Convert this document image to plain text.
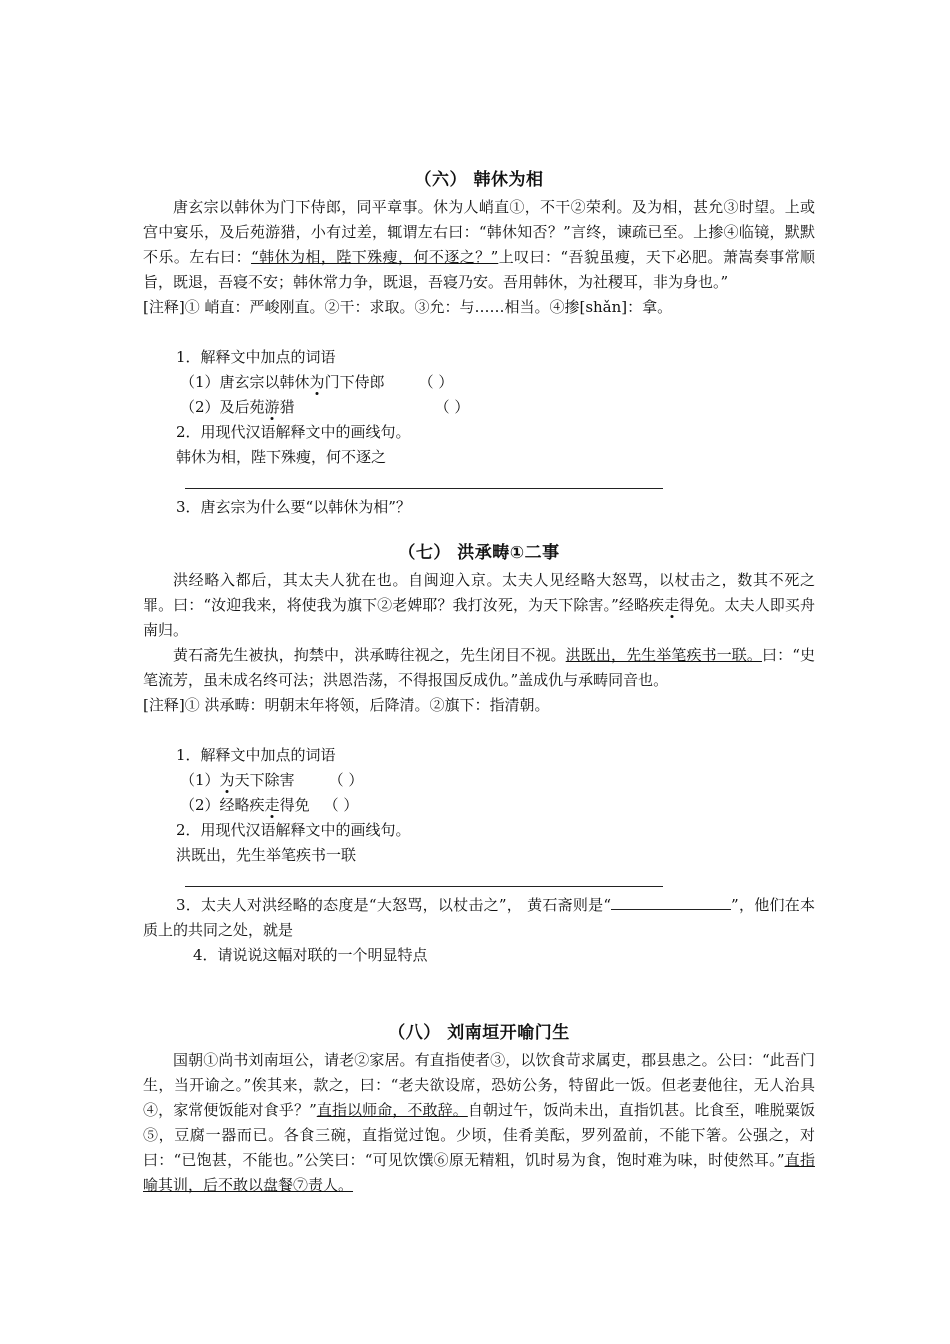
（六） 韩休为相

唐玄宗以韩休为门下侍郎，同平章事。休为人峭直①，不干②荣利。及为相，甚允③时望。上或宫中宴乐，及后苑游猎，小有过差，辄谓左右曰：“韩休知否？”言终，谏疏已至。上掺④临镜，默默不乐。左右曰：“韩休为相，陛下殊瘦，何不逐之？”上叹曰：“吾貌虽瘦，天下必肥。萧嵩奏事常顺旨，既退，吾寝不安；韩休常力争，既退，吾寝乃安。吾用韩休，为社稷耳，非为身也。”

[注释]① 峭直：严峻刚直。②干：求取。③允：与……相当。④掺[shǎn]：拿。

1．解释文中加点的词语

（1）唐玄宗以韩休为门下侍郎 （ ）

（2）及后苑游猎	（ ）

2．用现代汉语解释文中的画线句。

韩休为相，陛下殊瘦，何不逐之

3．唐玄宗为什么要“以韩休为相”？

（七） 洪承畴①二事

洪经略入都后，其太夫人犹在也。自闽迎入京。太夫人见经略大怒骂，以杖击之，数其不死之罪。曰：“汝迎我来，将使我为旗下②老婢耶？我打汝死，为天下除害。”经略疾走得免。太夫人即买舟南归。

黄石斋先生被执，拘禁中，洪承畴往视之，先生闭目不视。洪既出，先生举笔疾书一联。曰：“史笔流芳，虽未成名终可法；洪恩浩荡，不得报国反成仇。”盖成仇与承畴同音也。

[注释]① 洪承畴：明朝末年将领，后降清。②旗下：指清朝。

1．解释文中加点的词语

（1）为天下除害 （ ）

（2）经略疾走得免 （ ）

2．用现代汉语解释文中的画线句。

洪既出，先生举笔疾书一联

3．太夫人对洪经略的态度是“大怒骂，以杖击之”， 黄石斋则是“	”，他们在本质上的共同之处，就是

4．请说说这幅对联的一个明显特点

（八） 刘南垣开喻门生

国朝①尚书刘南垣公，请老②家居。有直指使者③，以饮食苛求属吏，郡县患之。公曰：“此吾门生，当开谕之。”俟其来，款之，曰：“老夫欲设席，恐妨公务，特留此一饭。但老妻他往，无人治具④，家常便饭能对食乎？”直指以师命，不敢辞。自朝过午，饭尚未出，直指饥甚。比食至，唯脱粟饭⑤，豆腐一器而已。各食三碗，直指觉过饱。少顷，佳肴美酝，罗列盈前，不能下箸。公强之，对曰：“已饱甚，不能也。”公笑曰：“可见饮馔⑥原无精粗，饥时易为食，饱时难为味，时使然耳。”直指喻其训，后不敢以盘餐⑦责人。
